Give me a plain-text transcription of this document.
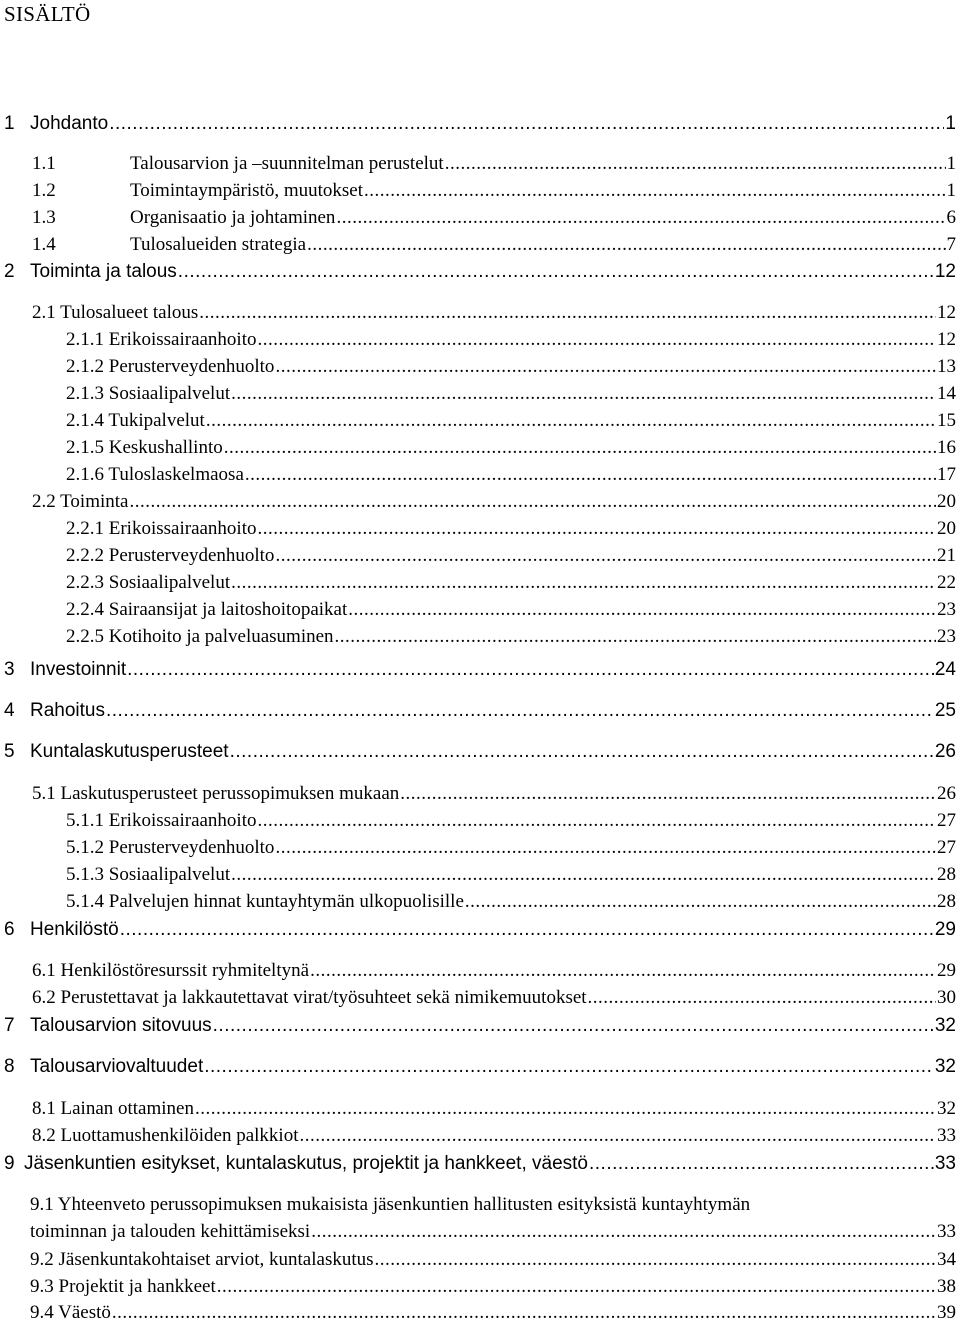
SISÄLTÖ
1 Johdanto .....	1
1.1	Talousarvion ja –suunnitelman perustelut .....	1
1.2	Toimintaympäristö, muutokset .....	1
1.3	Organisaatio ja johtaminen .....	6
1.4	Tulosalueiden strategia .....	7
2 Toiminta ja talous .....	12
2.1 Tulosalueet talous .....	12
2.1.1 Erikoissairaanhoito .....	12
2.1.2 Perusterveydenhuolto .....	13
2.1.3 Sosiaalipalvelut .....	14
2.1.4 Tukipalvelut .....	15
2.1.5 Keskushallinto .....	16
2.1.6 Tuloslaskelmaosa .....	17
2.2 Toiminta .....	20
2.2.1 Erikoissairaanhoito .....	20
2.2.2 Perusterveydenhuolto .....	21
2.2.3 Sosiaalipalvelut .....	22
2.2.4 Sairaansijat ja laitoshoitopaikat .....	23
2.2.5 Kotihoito ja palveluasuminen .....	23
3 Investoinnit .....	24
4 Rahoitus .....	25
5 Kuntalaskutusperusteet .....	26
5.1 Laskutusperusteet perussopimuksen mukaan .....	26
5.1.1 Erikoissairaanhoito .....	27
5.1.2 Perusterveydenhuolto .....	27
5.1.3 Sosiaalipalvelut .....	28
5.1.4 Palvelujen hinnat kuntayhtymän ulkopuolisille .....	28
6 Henkilöstö .....	29
6.1 Henkilöstöresurssit ryhmiteltynä .....	29
6.2 Perustettavat ja lakkautettavat virat/työsuhteet sekä nimikemuutokset .....	30
7 Talousarvion sitovuus .....	32
8 Talousarviovaltuudet .....	32
8.1 Lainan ottaminen .....	32
8.2 Luottamushenkilöiden palkkiot .....	33
9 Jäsenkuntien esitykset, kuntalaskutus, projektit ja hankkeet, väestö .....	33
9.1 Yhteenveto perussopimuksen mukaisista jäsenkuntien hallitusten esityksistä kuntayhtymän
toiminnan ja talouden kehittämiseksi .....	33
9.2 Jäsenkuntakohtaiset arviot, kuntalaskutus .....	34
9.3 Projektit ja hankkeet .....	38
9.4 Väestö .....	39
